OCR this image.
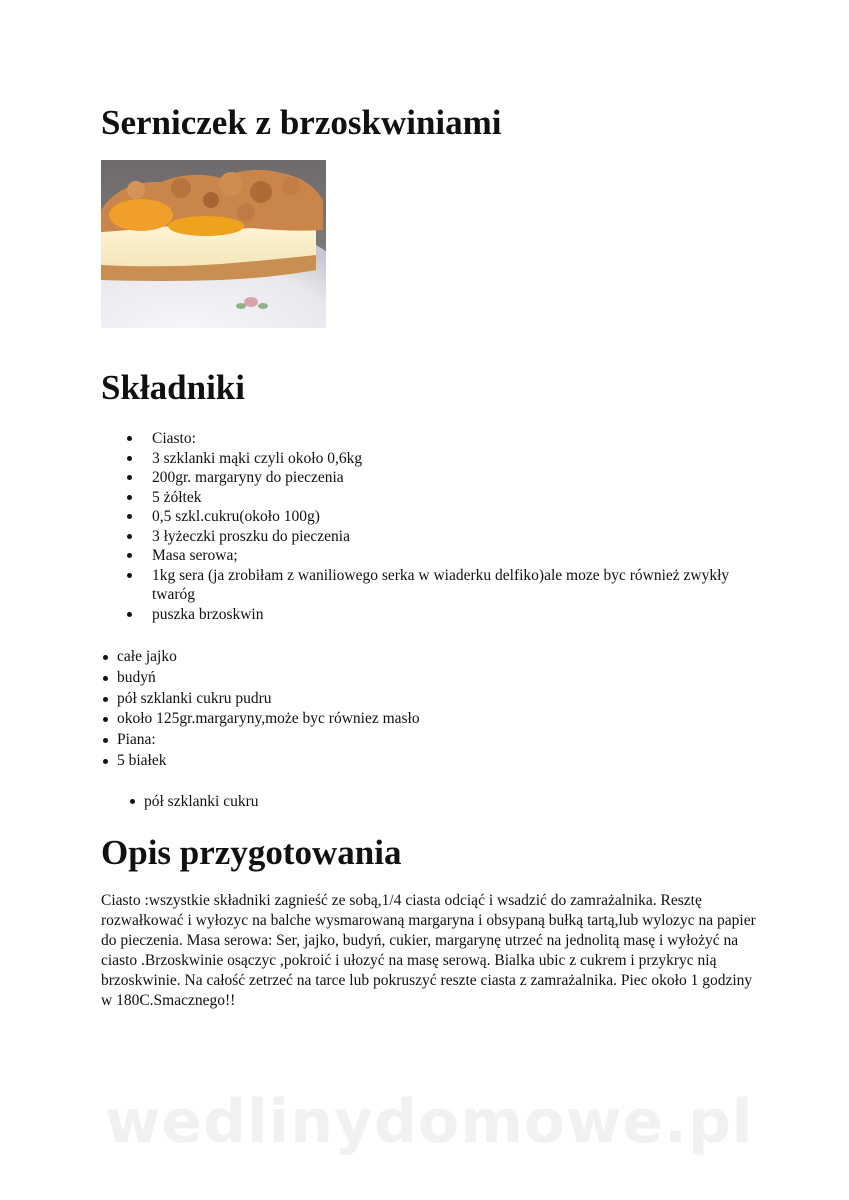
Serniczek z brzoskwiniami
Składniki
Ciasto:
3 szklanki mąki czyli około 0,6kg
200gr. margaryny do pieczenia
5 żółtek
0,5 szkl.cukru(około 100g)
3 łyżeczki proszku do pieczenia
Masa serowa;
1kg sera (ja zrobiłam z waniliowego serka w wiaderku delfiko)ale moze byc również zwykły twaróg
puszka brzoskwin
całe jajko
budyń
pół szklanki cukru pudru
około 125gr.margaryny,może byc równiez masło
Piana:
5 białek
pół szklanki cukru
Opis przygotowania

Ciasto :wszystkie składniki zagnieść ze sobą,1/4 ciasta odciąć i wsadzić do zamrażalnika. Resztę rozwałkować i wyłozyc na balche wysmarowaną margaryna i obsypaną bułką tartą,lub wylozyc na papier do pieczenia. Masa serowa: Ser, jajko, budyń, cukier, margarynę utrzeć na jednolitą masę i wyłożyć na ciasto .Brzoskwinie osączyc ,pokroić i ułozyć na masę serową. Bialka ubic z cukrem i przykryc nią brzoskwinie. Na całość zetrzeć na tarce lub pokruszyć reszte ciasta z zamrażalnika. Piec około 1 godziny w 180C.Smacznego!!

wedlinydomowe.pl
